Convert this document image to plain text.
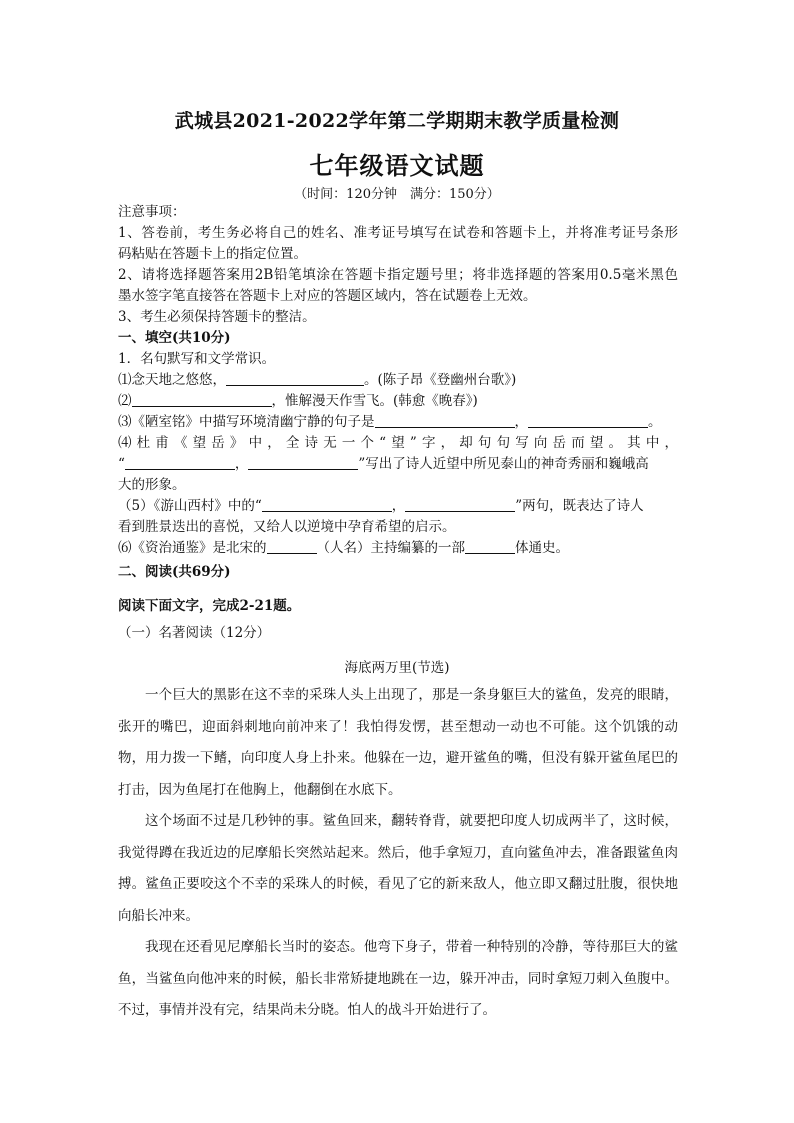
武城县2021-2022学年第二学期期末教学质量检测
七年级语文试题
（时间：120分钟　满分：150分）

注意事项：

1、答卷前，考生务必将自己的姓名、准考证号填写在试卷和答题卡上，并将准考证号条形

码粘贴在答题卡上的指定位置。

2、请将选择题答案用2B铅笔填涂在答题卡指定题号里；将非选择题的答案用0.5毫米黑色

墨水签字笔直接答在答题卡上对应的答题区域内，答在试题卷上无效。

3、考生必须保持答题卡的整洁。

一、填空(共10分)

1．名句默写和文学常识。

⑴念天地之悠悠，	。(陈子昂《登幽州台歌》)

⑵	，惟解漫天作雪飞。(韩愈《晚春》)

⑶《陋室铭》中描写环境清幽宁静的句子是	，	。

⑷杜甫《望岳》中，全诗无一个“望”字，却句句写向岳而望。其中，

“	，	”写出了诗人近望中所见泰山的神奇秀丽和巍峨高

大的形象。

（5）《游山西村》中的“	，	”两句，既表达了诗人

看到胜景迭出的喜悦，又给人以逆境中孕育希望的启示。

⑹《资治通鉴》是北宋的	（人名）主持编纂的一部	体通史。

二、阅读(共69分)
阅读下面文字，完成2-21题。
（一）名著阅读（12分）
海底两万里(节选)

一个巨大的黑影在这不幸的采珠人头上出现了，那是一条身躯巨大的鲨鱼，发亮的眼睛，张开的嘴巴，迎面斜刺地向前冲来了！我怕得发愣，甚至想动一动也不可能。这个饥饿的动物，用力拨一下鳍，向印度人身上扑来。他躲在一边，避开鲨鱼的嘴，但没有躲开鲨鱼尾巴的打击，因为鱼尾打在他胸上，他翻倒在水底下。

这个场面不过是几秒钟的事。鲨鱼回来，翻转脊背，就要把印度人切成两半了，这时候，我觉得蹲在我近边的尼摩船长突然站起来。然后，他手拿短刀，直向鲨鱼冲去，准备跟鲨鱼肉搏。鲨鱼正要咬这个不幸的采珠人的时候，看见了它的新来敌人，他立即又翻过肚腹，很快地向船长冲来。

我现在还看见尼摩船长当时的姿态。他弯下身子，带着一种特别的冷静，等待那巨大的鲨鱼，当鲨鱼向他冲来的时候，船长非常矫捷地跳在一边，躲开冲击，同时拿短刀刺入鱼腹中。不过，事情并没有完，结果尚未分晓。怕人的战斗开始进行了。
